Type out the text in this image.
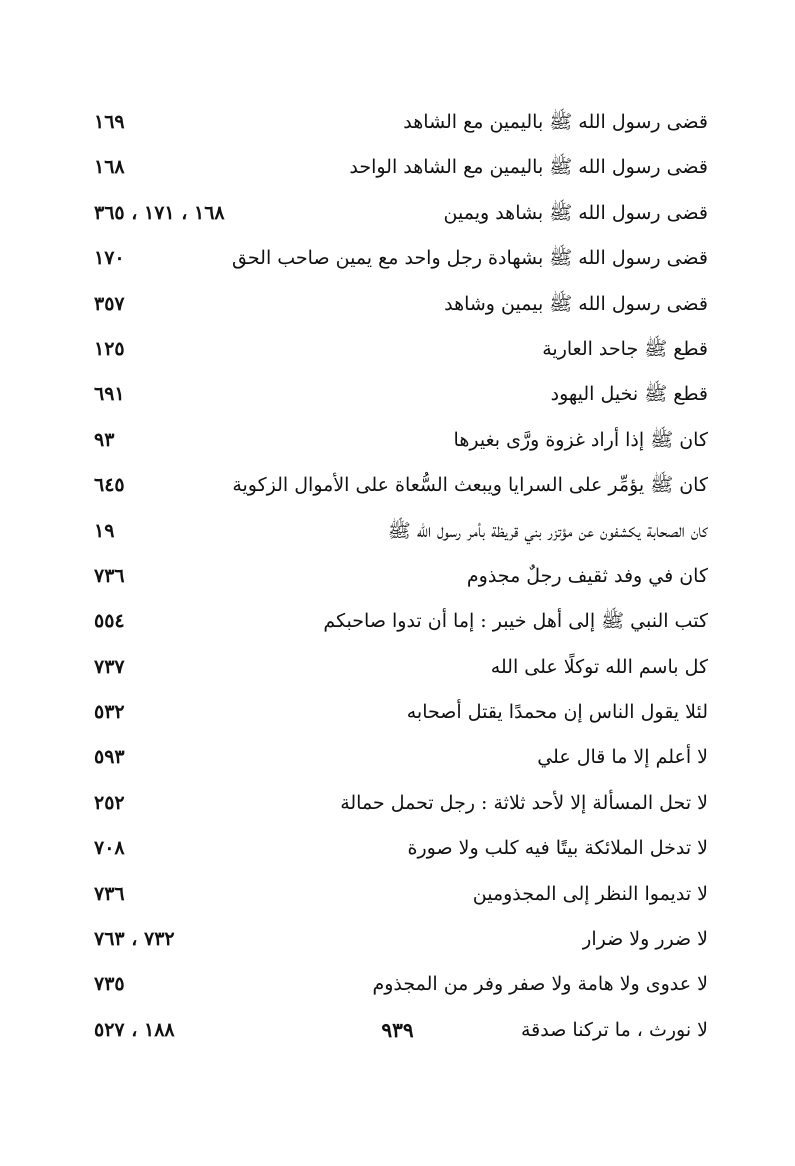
قضى رسول الله ﷺ باليمين مع الشاهد
١٦٩
قضى رسول الله ﷺ باليمين مع الشاهد الواحد
١٦٨
قضى رسول الله ﷺ بشاهد ويمين
١٦٨ ، ١٧١ ، ٣٦٥
قضى رسول الله ﷺ بشهادة رجل واحد مع يمين صاحب الحق
١٧٠
قضى رسول الله ﷺ بيمين وشاهد
٣٥٧
قطع ﷺ جاحد العارية
١٢٥
قطع ﷺ نخيل اليهود
٦٩١
كان ﷺ إذا أراد غزوة ورَّى بغيرها
٩٣
كان ﷺ يؤمِّر على السرايا ويبعث السُّعاة على الأموال الزكوية
٦٤٥
كان الصحابة يكشفون عن مؤتزر بني قريظة بأمر رسول الله ﷺ
١٩
كان في وفد ثقيف رجلٌ مجذوم
٧٣٦
كتب النبي ﷺ إلى أهل خيبر : إما أن تدوا صاحبكم
٥٥٤
كل باسم الله توكلًا على الله
٧٣٧
لئلا يقول الناس إن محمدًا يقتل أصحابه
٥٣٢
لا أعلم إلا ما قال علي
٥٩٣
لا تحل المسألة إلا لأحد ثلاثة : رجل تحمل حمالة
٢٥٢
لا تدخل الملائكة بيتًا فيه كلب ولا صورة
٧٠٨
لا تديموا النظر إلى المجذومين
٧٣٦
لا ضرر ولا ضرار
٧٣٢ ، ٧٦٣
لا عدوى ولا هامة ولا صفر وفر من المجذوم
٧٣٥
لا نورث ، ما تركنا صدقة
١٨٨ ، ٥٢٧	٩٣٩
